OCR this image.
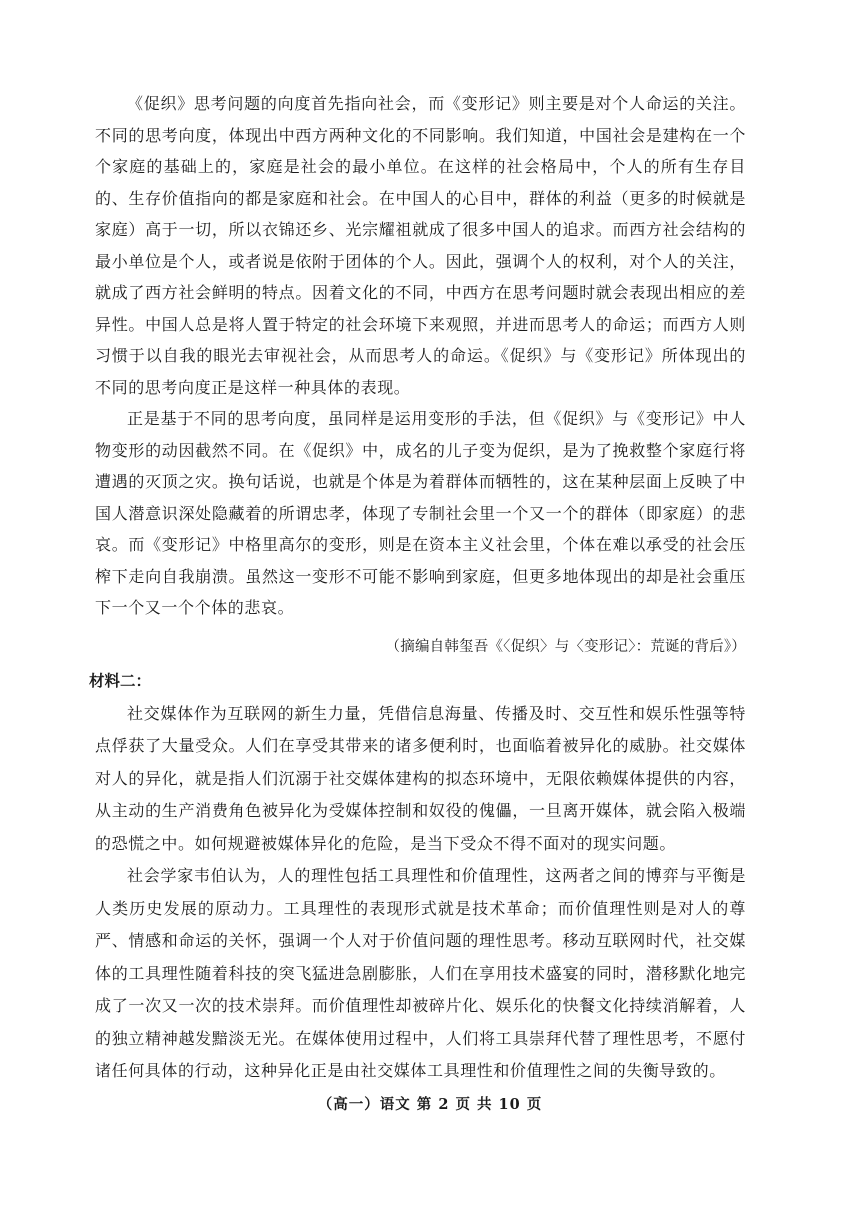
《促织》思考问题的向度首先指向社会，而《变形记》则主要是对个人命运的关注。不同的思考向度，体现出中西方两种文化的不同影响。我们知道，中国社会是建构在一个个家庭的基础上的，家庭是社会的最小单位。在这样的社会格局中，个人的所有生存目的、生存价值指向的都是家庭和社会。在中国人的心目中，群体的利益（更多的时候就是家庭）高于一切，所以衣锦还乡、光宗耀祖就成了很多中国人的追求。而西方社会结构的最小单位是个人，或者说是依附于团体的个人。因此，强调个人的权利，对个人的关注，就成了西方社会鲜明的特点。因着文化的不同，中西方在思考问题时就会表现出相应的差异性。中国人总是将人置于特定的社会环境下来观照，并进而思考人的命运；而西方人则习惯于以自我的眼光去审视社会，从而思考人的命运。《促织》与《变形记》所体现出的不同的思考向度正是这样一种具体的表现。

正是基于不同的思考向度，虽同样是运用变形的手法，但《促织》与《变形记》中人物变形的动因截然不同。在《促织》中，成名的儿子变为促织，是为了挽救整个家庭行将遭遇的灭顶之灾。换句话说，也就是个体是为着群体而牺牲的，这在某种层面上反映了中国人潜意识深处隐藏着的所谓忠孝，体现了专制社会里一个又一个的群体（即家庭）的悲哀。而《变形记》中格里高尔的变形，则是在资本主义社会里，个体在难以承受的社会压榨下走向自我崩溃。虽然这一变形不可能不影响到家庭，但更多地体现出的却是社会重压下一个又一个个体的悲哀。

（摘编自韩玺吾《〈促织〉与〈变形记〉：荒诞的背后》）

材料二：

社交媒体作为互联网的新生力量，凭借信息海量、传播及时、交互性和娱乐性强等特点俘获了大量受众。人们在享受其带来的诸多便利时，也面临着被异化的威胁。社交媒体对人的异化，就是指人们沉溺于社交媒体建构的拟态环境中，无限依赖媒体提供的内容，从主动的生产消费角色被异化为受媒体控制和奴役的傀儡，一旦离开媒体，就会陷入极端的恐慌之中。如何规避被媒体异化的危险，是当下受众不得不面对的现实问题。

社会学家韦伯认为，人的理性包括工具理性和价值理性，这两者之间的博弈与平衡是人类历史发展的原动力。工具理性的表现形式就是技术革命；而价值理性则是对人的尊严、情感和命运的关怀，强调一个人对于价值问题的理性思考。移动互联网时代，社交媒体的工具理性随着科技的突飞猛进急剧膨胀，人们在享用技术盛宴的同时，潜移默化地完成了一次又一次的技术崇拜。而价值理性却被碎片化、娱乐化的快餐文化持续消解着，人的独立精神越发黯淡无光。在媒体使用过程中，人们将工具崇拜代替了理性思考，不愿付诸任何具体的行动，这种异化正是由社交媒体工具理性和价值理性之间的失衡导致的。

（高一）语文 第 2 页 共 10 页
